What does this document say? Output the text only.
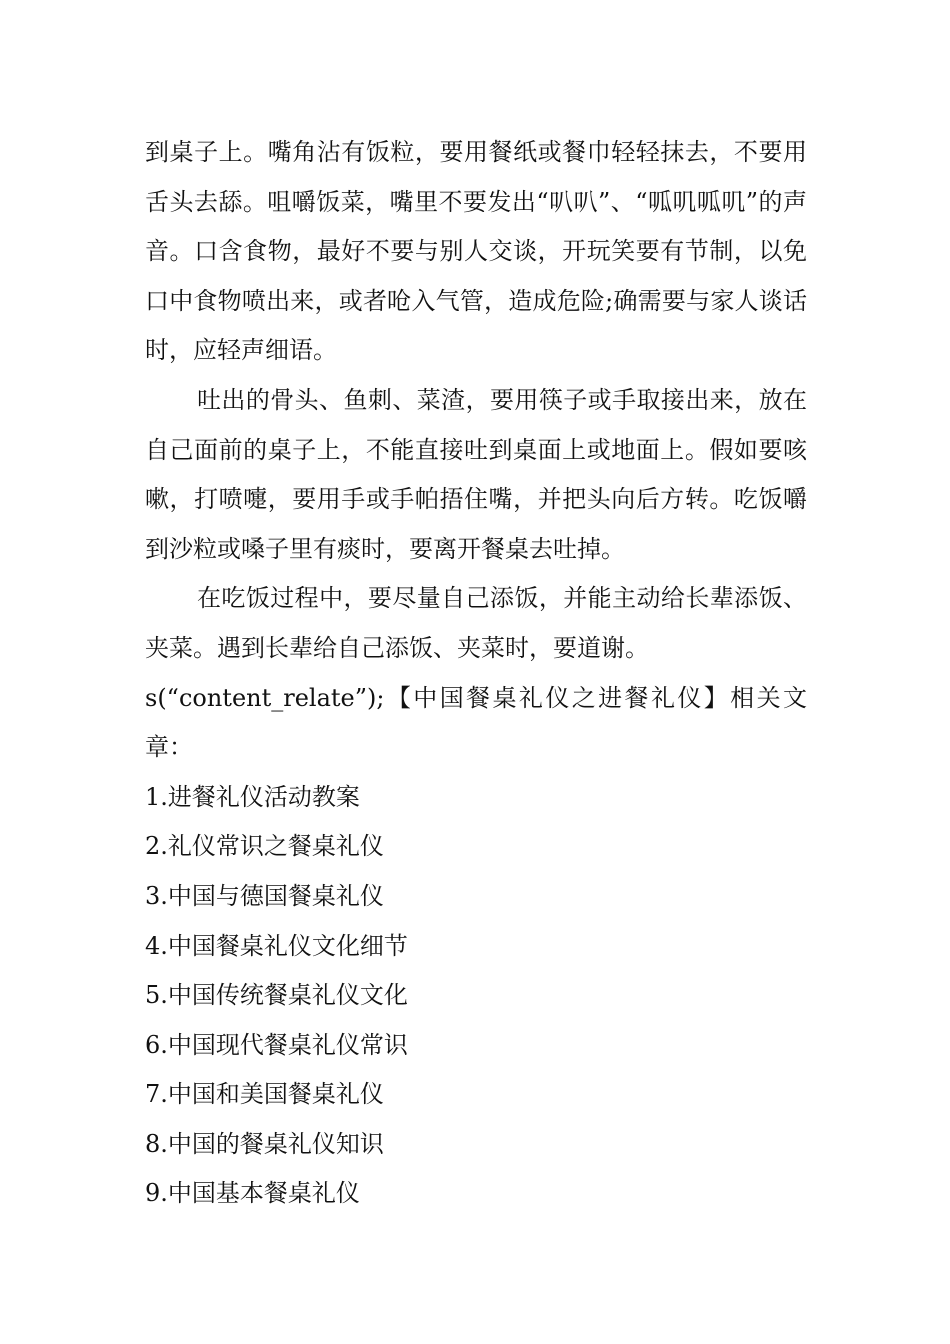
到桌子上。嘴角沾有饭粒，要用餐纸或餐巾轻轻抹去，不要用舌头去舔。咀嚼饭菜，嘴里不要发出“叭叭”、“呱叽呱叽”的声音。口含食物，最好不要与别人交谈，开玩笑要有节制，以免口中食物喷出来，或者呛入气管，造成危险;确需要与家人谈话时，应轻声细语。

吐出的骨头、鱼刺、菜渣，要用筷子或手取接出来，放在自己面前的桌子上，不能直接吐到桌面上或地面上。假如要咳嗽，打喷嚏，要用手或手帕捂住嘴，并把头向后方转。吃饭嚼到沙粒或嗓子里有痰时，要离开餐桌去吐掉。

在吃饭过程中，要尽量自己添饭，并能主动给长辈添饭、夹菜。遇到长辈给自己添饭、夹菜时，要道谢。

s(“content_relate”);【中国餐桌礼仪之进餐礼仪】相关文章：

1.进餐礼仪活动教案
2.礼仪常识之餐桌礼仪
3.中国与德国餐桌礼仪
4.中国餐桌礼仪文化细节
5.中国传统餐桌礼仪文化
6.中国现代餐桌礼仪常识
7.中国和美国餐桌礼仪
8.中国的餐桌礼仪知识
9.中国基本餐桌礼仪
